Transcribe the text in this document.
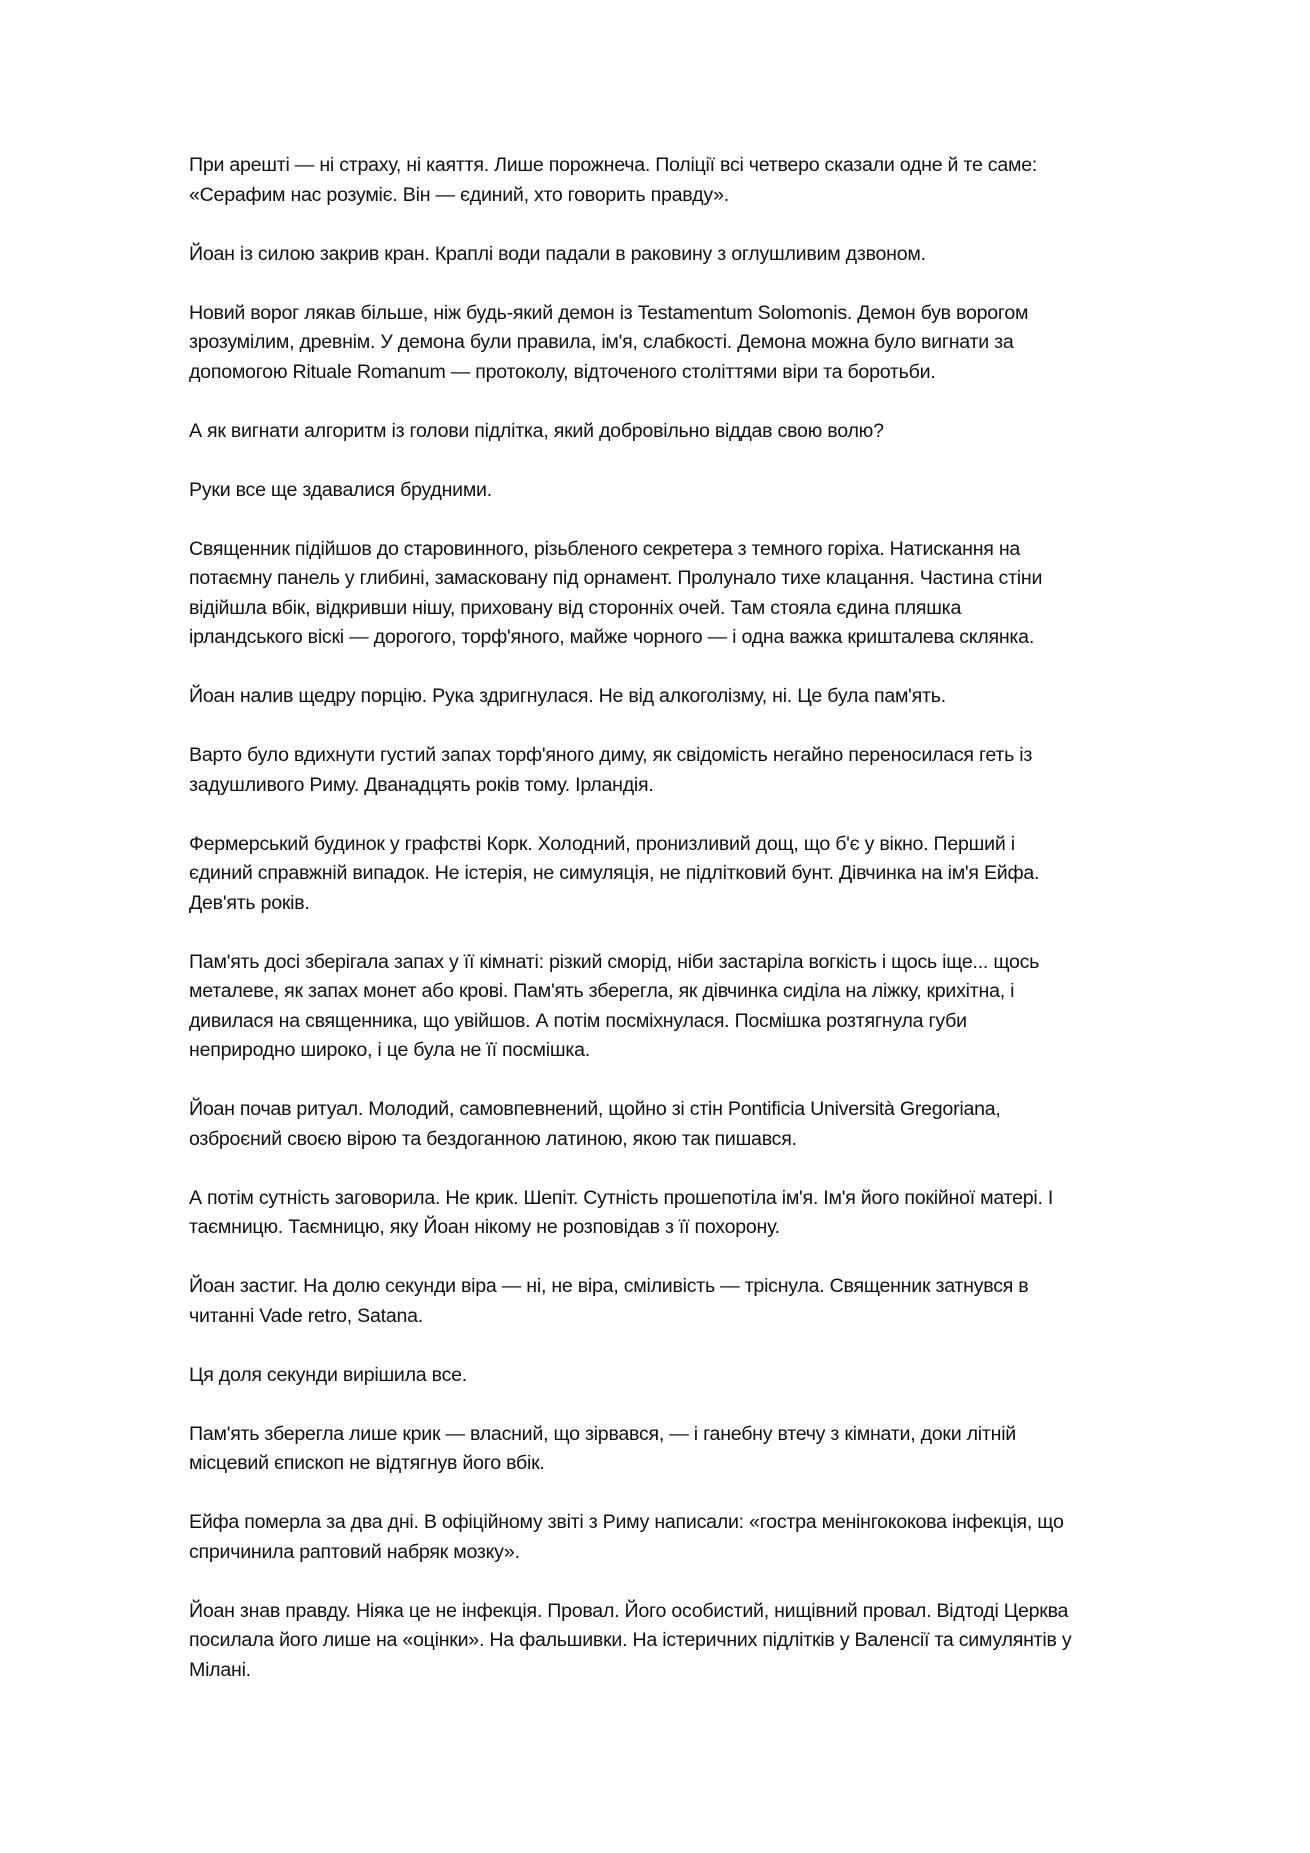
При арешті — ні страху, ні каяття. Лише порожнеча. Поліції всі четверо сказали одне й те саме:
«Серафим нас розуміє. Він — єдиний, хто говорить правду».

Йоан із силою закрив кран. Краплі води падали в раковину з оглушливим дзвоном.

Новий ворог лякав більше, ніж будь-який демон із Testamentum Solomonis. Демон був ворогом
зрозумілим, древнім. У демона були правила, ім'я, слабкості. Демона можна було вигнати за
допомогою Rituale Romanum — протоколу, відточеного століттями віри та боротьби.

А як вигнати алгоритм із голови підлітка, який добровільно віддав свою волю?

Руки все ще здавалися брудними.

Священник підійшов до старовинного, різьбленого секретера з темного горіха. Натискання на
потаємну панель у глибині, замасковану під орнамент. Пролунало тихе клацання. Частина стіни
відійшла вбік, відкривши нішу, приховану від сторонніх очей. Там стояла єдина пляшка
ірландського віскі — дорогого, торф'яного, майже чорного — і одна важка кришталева склянка.

Йоан налив щедру порцію. Рука здригнулася. Не від алкоголізму, ні. Це була пам'ять.

Варто було вдихнути густий запах торф'яного диму, як свідомість негайно переносилася геть із
задушливого Риму. Дванадцять років тому. Ірландія.

Фермерський будинок у графстві Корк. Холодний, пронизливий дощ, що б'є у вікно. Перший і
єдиний справжній випадок. Не істерія, не симуляція, не підлітковий бунт. Дівчинка на ім'я Ейфа.
Дев'ять років.

Пам'ять досі зберігала запах у її кімнаті: різкий сморід, ніби застаріла вогкість і щось іще... щось
металеве, як запах монет або крові. Пам'ять зберегла, як дівчинка сиділа на ліжку, крихітна, і
дивилася на священника, що увійшов. А потім посміхнулася. Посмішка розтягнула губи
неприродно широко, і це була не її посмішка.

Йоан почав ритуал. Молодий, самовпевнений, щойно зі стін Pontificia Università Gregoriana,
озброєний своєю вірою та бездоганною латиною, якою так пишався.

А потім сутність заговорила. Не крик. Шепіт. Сутність прошепотіла ім'я. Ім'я його покійної матері. І
таємницю. Таємницю, яку Йоан нікому не розповідав з її похорону.

Йоан застиг. На долю секунди віра — ні, не віра, сміливість — тріснула. Священник затнувся в
читанні Vade retro, Satana.

Ця доля секунди вирішила все.

Пам'ять зберегла лише крик — власний, що зірвався, — і ганебну втечу з кімнати, доки літній
місцевий єпископ не відтягнув його вбік.

Ейфа померла за два дні. В офіційному звіті з Риму написали: «гостра менінгококова інфекція, що
спричинила раптовий набряк мозку».

Йоан знав правду. Ніяка це не інфекція. Провал. Його особистий, нищівний провал. Відтоді Церква
посилала його лише на «оцінки». На фальшивки. На істеричних підлітків у Валенсії та симулянтів у
Мілані.
